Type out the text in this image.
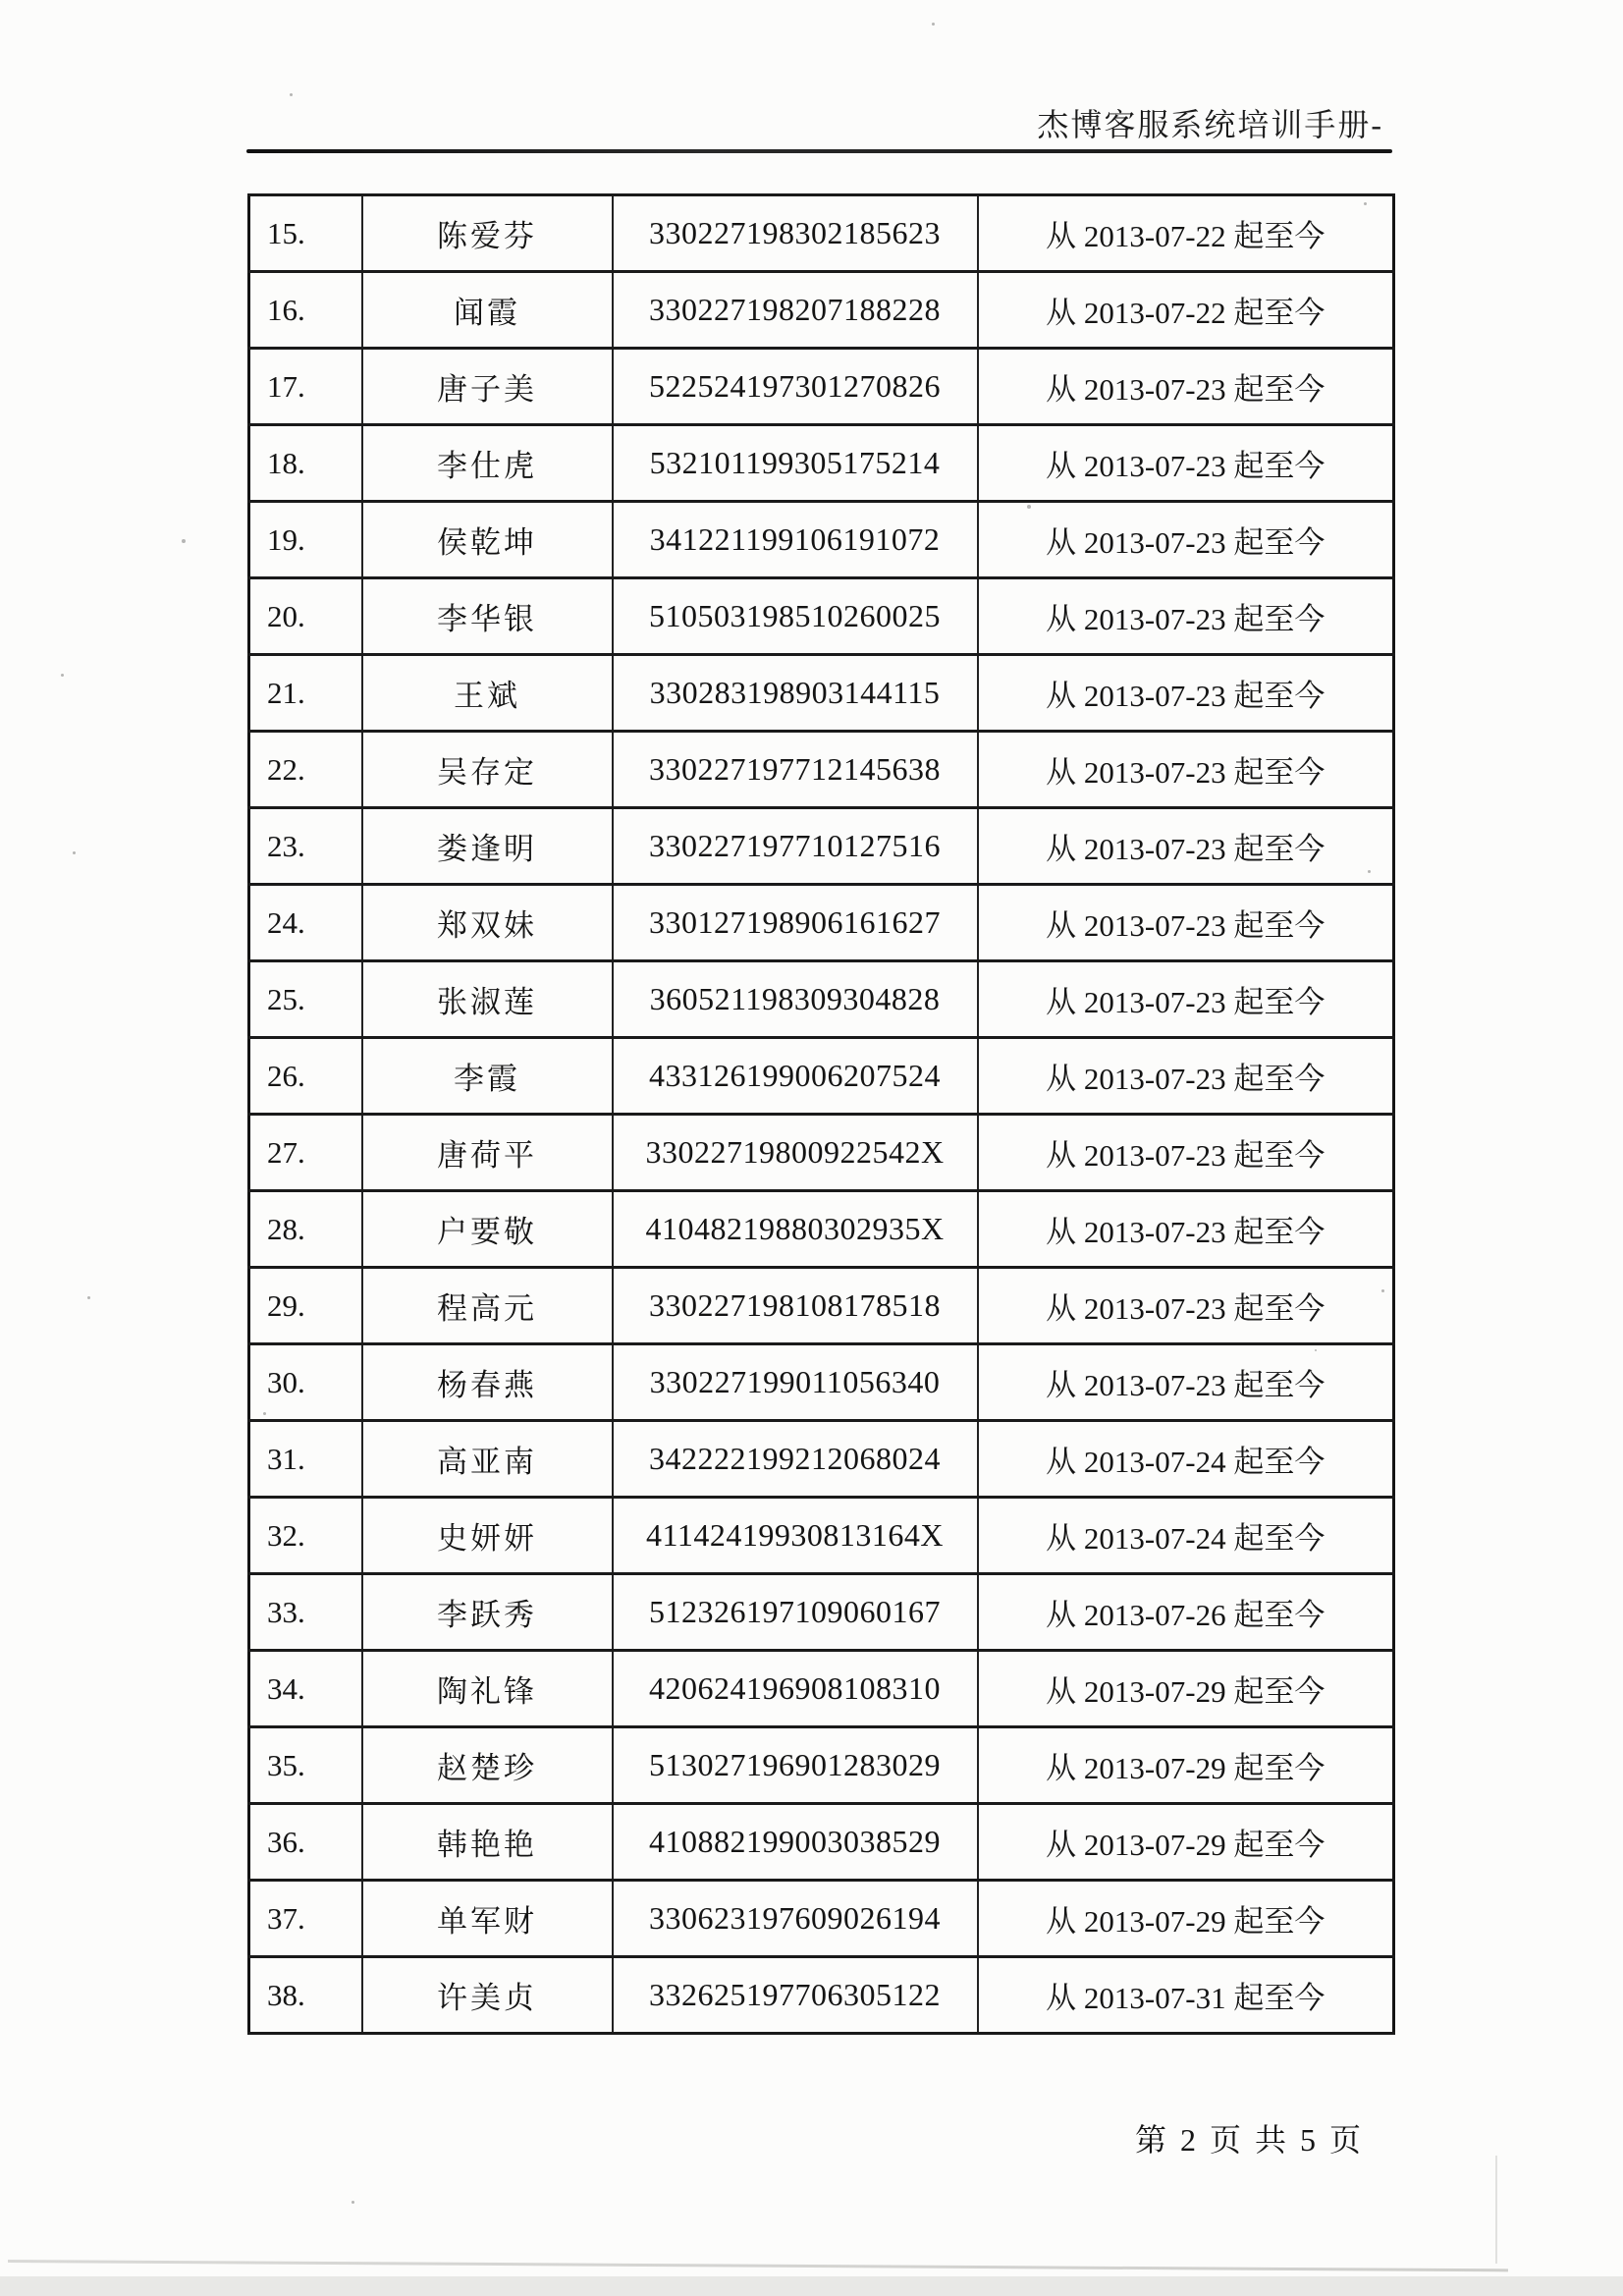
杰博客服系统培训手册-
15.	陈爱芬	330227198302185623	从 2013-07-22 起至今
16.	闻霞	330227198207188228	从 2013-07-22 起至今
17.	唐子美	522524197301270826	从 2013-07-23 起至今
18.	李仕虎	532101199305175214	从 2013-07-23 起至今
19.	侯乾坤	341221199106191072	从 2013-07-23 起至今
20.	李华银	510503198510260025	从 2013-07-23 起至今
21.	王斌	330283198903144115	从 2013-07-23 起至今
22.	吴存定	330227197712145638	从 2013-07-23 起至今
23.	娄逢明	330227197710127516	从 2013-07-23 起至今
24.	郑双妹	330127198906161627	从 2013-07-23 起至今
25.	张淑莲	360521198309304828	从 2013-07-23 起至今
26.	李霞	433126199006207524	从 2013-07-23 起至今
27.	唐荷平	33022719800922542X	从 2013-07-23 起至今
28.	户要敬	41048219880302935X	从 2013-07-23 起至今
29.	程高元	330227198108178518	从 2013-07-23 起至今
30.	杨春燕	330227199011056340	从 2013-07-23 起至今
31.	高亚南	342222199212068024	从 2013-07-24 起至今
32.	史妍妍	41142419930813164X	从 2013-07-24 起至今
33.	李跃秀	512326197109060167	从 2013-07-26 起至今
34.	陶礼锋	420624196908108310	从 2013-07-29 起至今
35.	赵楚珍	513027196901283029	从 2013-07-29 起至今
36.	韩艳艳	410882199003038529	从 2013-07-29 起至今
37.	单军财	330623197609026194	从 2013-07-29 起至今
38.	许美贞	332625197706305122	从 2013-07-31 起至今
第 2 页 共 5 页
